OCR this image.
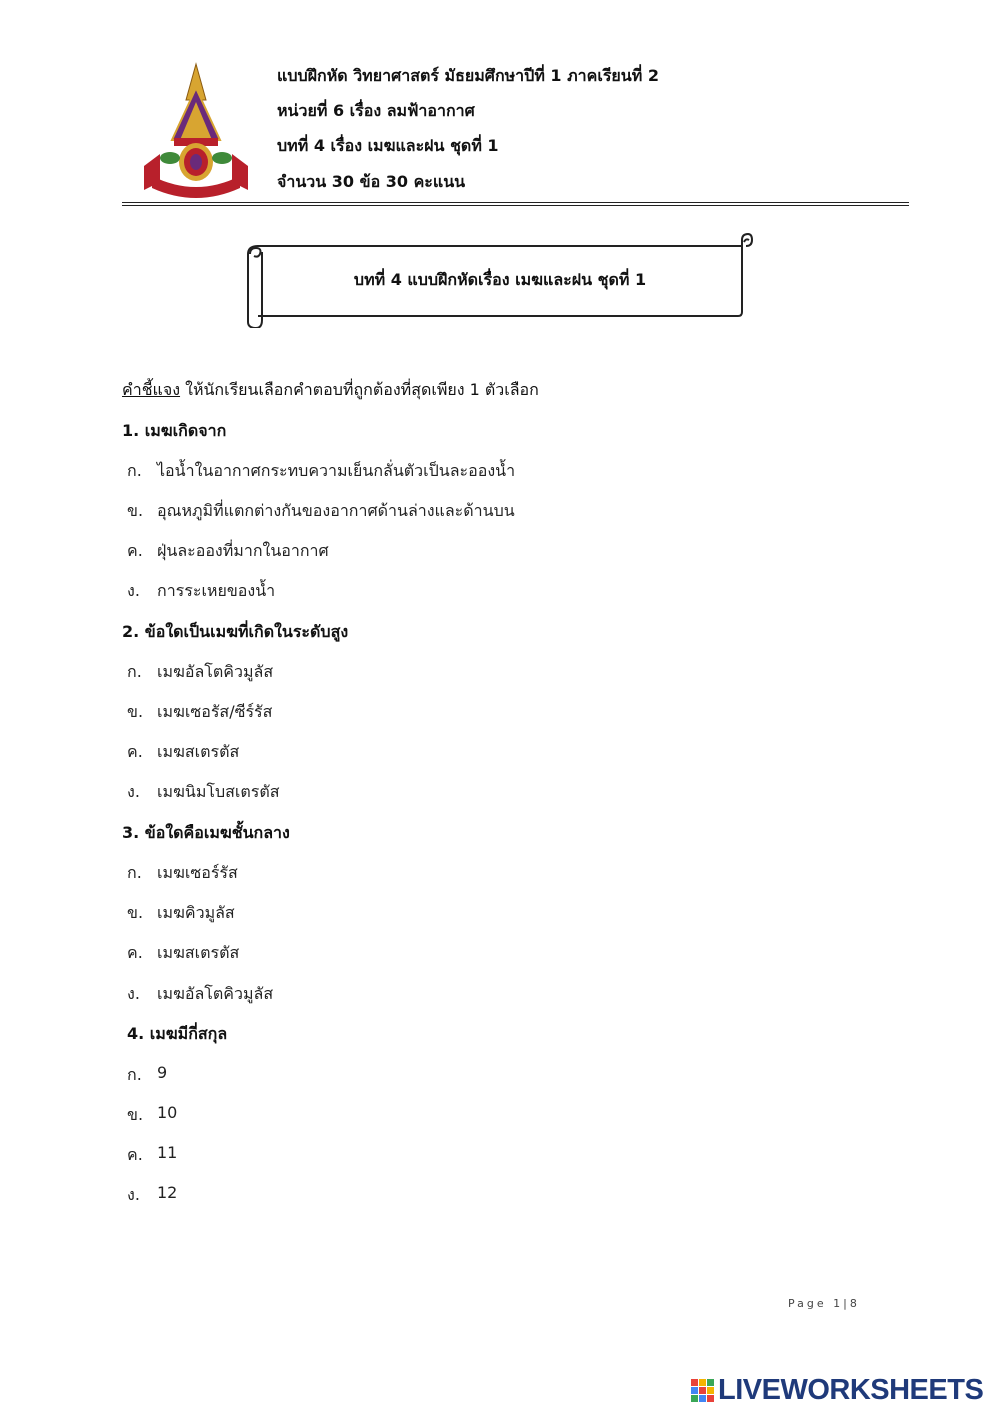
แบบฝึกหัด วิทยาศาสตร์ มัธยมศึกษาปีที่ 1 ภาคเรียนที่ 2
หน่วยที่ 6 เรื่อง ลมฟ้าอากาศ
บทที่ 4 เรื่อง เมฆและฝน ชุดที่ 1
จำนวน 30 ข้อ 30 คะแนน
บทที่ 4 แบบฝึกหัดเรื่อง เมฆและฝน ชุดที่ 1
คำชี้แจง ให้นักเรียนเลือกคำตอบที่ถูกต้องที่สุดเพียง 1 ตัวเลือก
1. เมฆเกิดจาก
ก. ไอน้ำในอากาศกระทบความเย็นกลั่นตัวเป็นละอองน้ำ
ข. อุณหภูมิที่แตกต่างกันของอากาศด้านล่างและด้านบน
ค. ฝุ่นละอองที่มากในอากาศ
ง.	การระเหยของน้ำ
2. ข้อใดเป็นเมฆที่เกิดในระดับสูง
ก. เมฆอัลโตคิวมูลัส
ข. เมฆเซอรัส/ซีร์รัส
ค. เมฆสเตรตัส
ง.	เมฆนิมโบสเตรตัส
3. ข้อใดคือเมฆชั้นกลาง
ก. เมฆเซอร์รัส
ข. เมฆคิวมูลัส
ค. เมฆสเตรตัส
ง.	เมฆอัลโตคิวมูลัส
4. เมฆมีกี่สกุล
ก. 9
ข. 10
ค. 11
ง.	12
Page 1|8
LIVEWORKSHEETS
